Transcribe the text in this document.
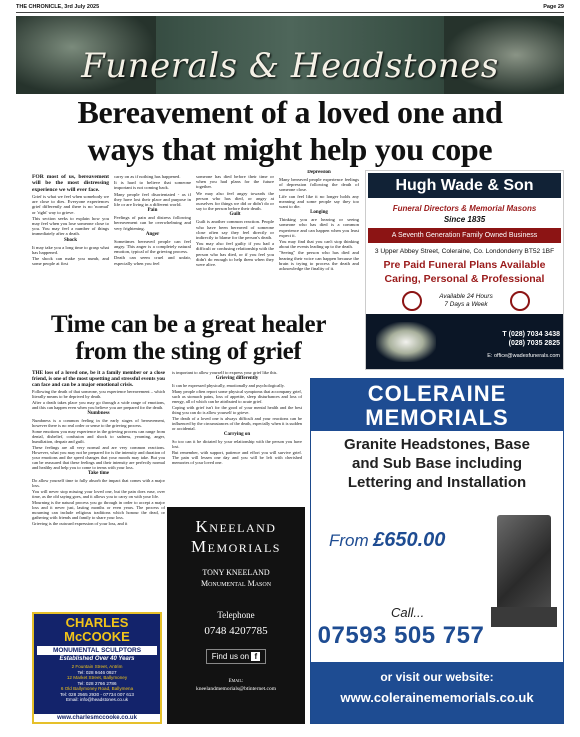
THE CHRONICLE, 3rd July 2025	Page 29
Funerals & Headstones
Bereavement of a loved one and
ways that might help you cope

FOR most of us, bereavement will be the most distressing experience we will ever face.

Grief is what we feel when somebody we are close to dies. Everyone experiences grief differently and there is no 'normal' or 'right' way to grieve.

This section seeks to explain how you may feel when you lose someone close to you. You may feel a number of things immediately after a death.

Shock

It may take you a long time to grasp what has happened.

The shock can make you numb, and some people at first

carry on as if nothing has happened.

It is hard to believe that someone important is not coming back.

Many people feel disorientated - as if they have lost their place and purpose in life or are living in a different world.

Pain

Feelings of pain and distress following bereavement can be overwhelming and very frightening.

Anger

Sometimes bereaved people can feel angry. This anger is a completely natural emotion, typical of the grieving process.

Death can seem cruel and unfair, especially when you feel

someone has died before their time or when you had plans for the future together.

We may also feel angry towards the person who has died, or angry at ourselves for things we did or didn't do or say to the person before their death.

Guilt

Guilt is another common reaction. People who have been bereaved of someone close often say they feel directly or indirectly to blame for the person's death.

You may also feel guilty if you had a difficult or confusing relationship with the person who has died, or if you feel you didn't do enough to help them when they were alive.

Depression

Many bereaved people experience feelings of depression following the death of someone close.

Life can feel like it no longer holds any meaning and some people say they too want to die.

Longing

Thinking you are hearing or seeing someone who has died is a common experience and can happen when you least expect it.

You may find that you can't stop thinking about the events leading up to the death.

"Seeing" the person who has died and hearing their voice can happen because the brain is trying to process the death and acknowledge the finality of it.

Hugh Wade & Son
Funeral Directors & Memorial Masons
Since 1835
A Seventh Generation Family Owned Business
3 Upper Abbey Street, Coleraine, Co. Londonderry BT52 1BF
Pre Paid Funeral Plans Available
Caring, Personal & Professional
Available 24 Hours
7 Days a Week
T (028) 7034 3438
(028) 7035 2825
E: office@wadesfunerals.com
Time can be a great healer
from the sting of grief

THE loss of a loved one, be it a family member or a close friend, is one of the most upsetting and stressful events you can face and can be a major emotional crisis.

Following the death of that someone, you experience bereavement – which literally means to be deprived by death.

After a death takes place you may go through a wide range of emotions, and this can happen even when you believe you are prepared for the death.

Numbness

Numbness is a common feeling in the early stages of bereavement, however there is no real order or sense to the grieving process.

Some emotions you may experience in the grieving process can range from denial, disbelief, confusion and shock to sadness, yearning, anger, humiliation, despair and guilt.

These feelings are all very normal and are very common reactions. However, what you may not be prepared for is the intensity and duration of your emotions and the speed changes that your moods may take. But you can be reassured that these feelings and their intensity are perfectly normal and healthy and help you to come to terms with your loss.

Take time

Do allow yourself time to fully absorb the impact that comes with a major loss.

You will never stop missing your loved one, but the pain does ease, over time, as the old saying goes, and it allows you to carry on with your life.

Mourning is the natural process you go through in order to accept a major loss and it never just, lasting months or even years. The process of mourning can include religious traditions which honour the dead, or gathering with friends and family to share your loss.

Grieving is the outward expression of your loss, and it

is important to allow yourself to express your grief like this.

Grieving differently

It can be expressed physically, emotionally and psychologically.

Many people often report some physical symptoms that accompany grief, such as stomach pains, loss of appetite, sleep disturbances and loss of energy, all of which can be attributed to acute grief.

Coping with grief isn't for the good of your mental health and the best thing you can do is allow yourself to grieve.

The death of a loved one is always difficult and your reactions can be influenced by the circumstances of the death, especially when it is sudden or accidental.

Carrying on

So too can it be dictated by your relationship with the person you have lost.

But remember, with support, patience and effort you will survive grief. The pain will lessen one day and you will be left with cherished memories of your loved one.

CHARLES
McCOOKE
MONUMENTAL SCULPTORS
Established Over 40 Years
2 Fountain Street, Antrim
Tel: 028 9446 0927
12 Market Street, Ballymoney
Tel: 028 2766 2786
6 Old Ballymoney Road, Ballymena
Tel: 028 2565 2930 - 07734 007 613
Email: info@headstones.co.uk
www.charlesmccooke.co.uk
Kneeland
Memorials
TONY KNEELAND
Monumental Mason
Telephone
0748 4207785
Find us on f
Email:
kneelandmemorials@btinternet.com
COLERAINE
MEMORIALS
Granite Headstones, Base
and Sub Base including
Lettering and Installation
From £650.00
Call...
07593 505 757
or visit our website:
www.colerainememorials.co.uk
